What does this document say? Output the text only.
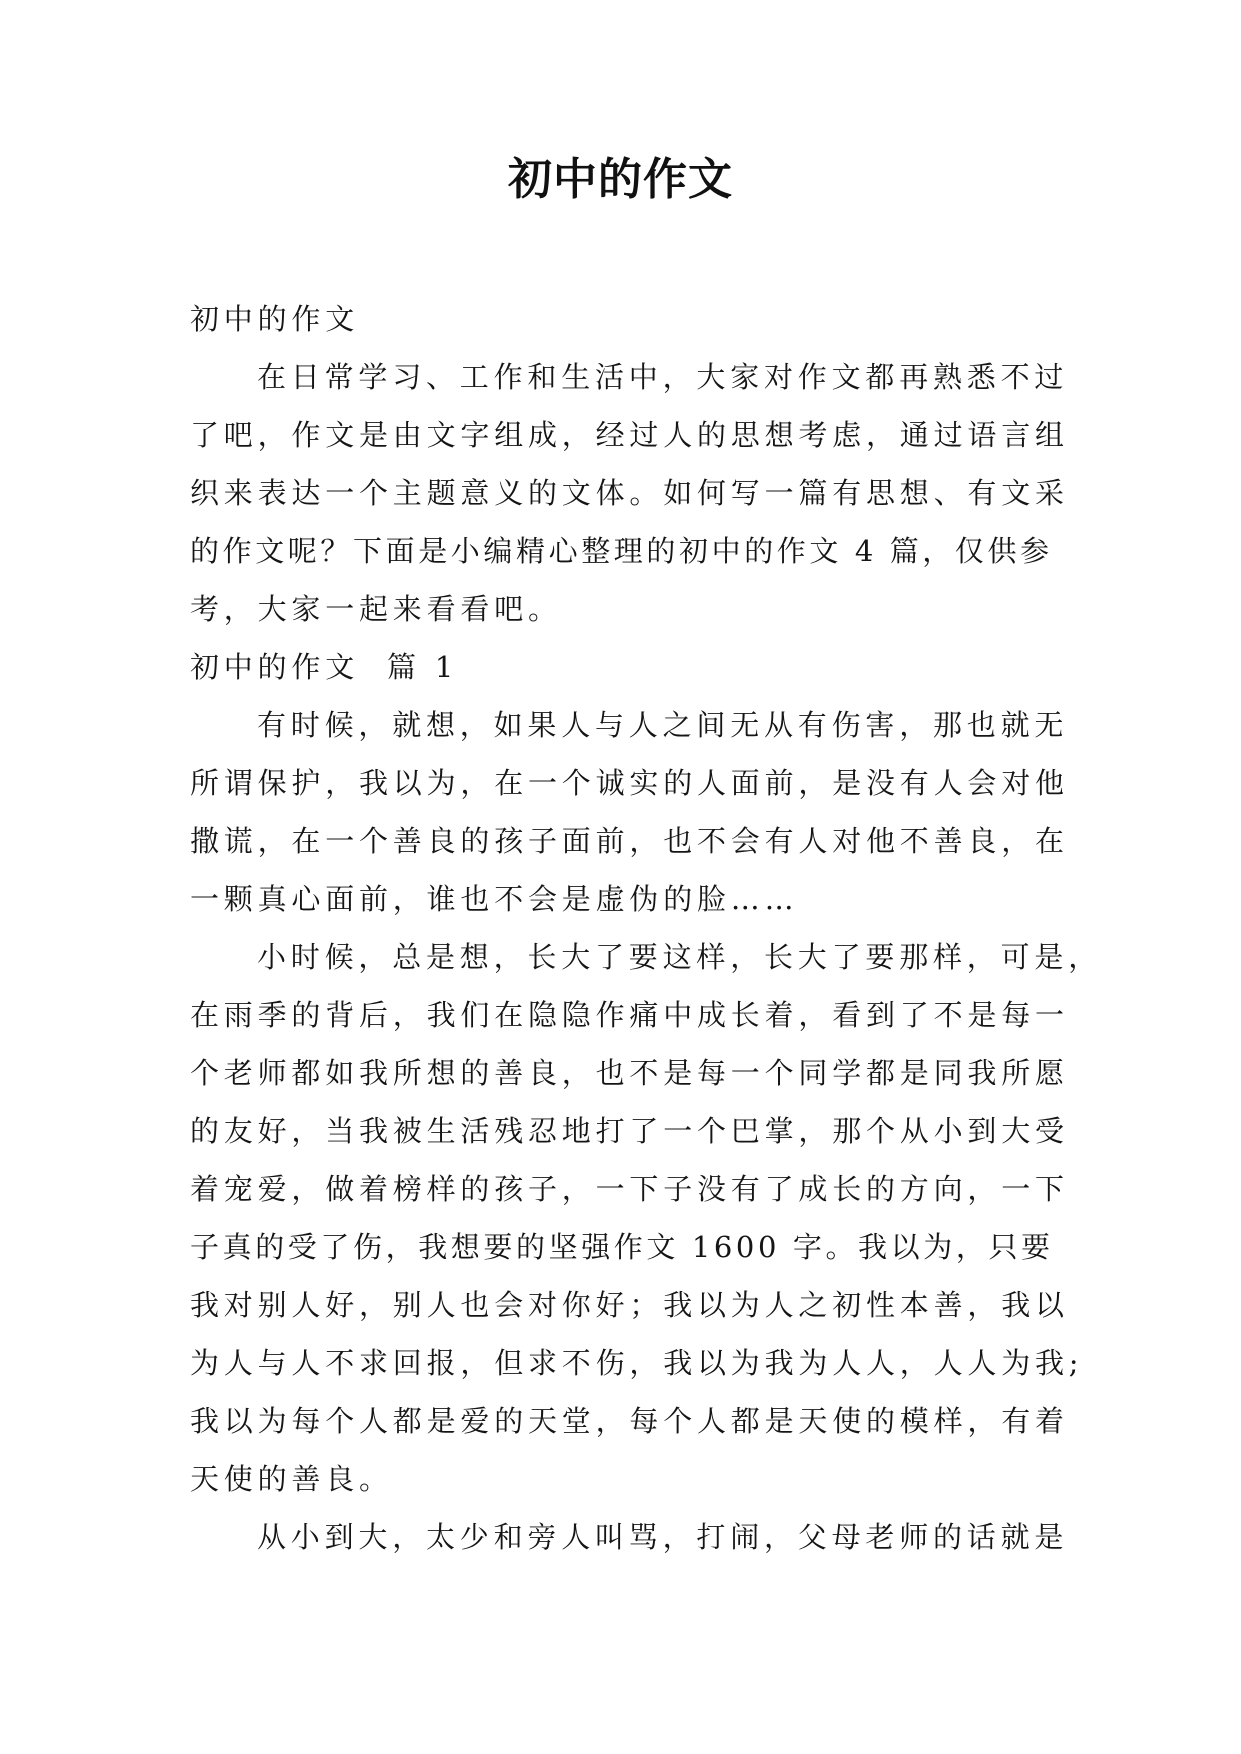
初中的作文
初中的作文
在日常学习、工作和生活中，大家对作文都再熟悉不过
了吧，作文是由文字组成，经过人的思想考虑，通过语言组
织来表达一个主题意义的文体。如何写一篇有思想、有文采
的作文呢？下面是小编精心整理的初中的作文 4 篇，仅供参
考，大家一起来看看吧。
初中的作文  篇 1
有时候，就想，如果人与人之间无从有伤害，那也就无
所谓保护，我以为，在一个诚实的人面前，是没有人会对他
撒谎，在一个善良的孩子面前，也不会有人对他不善良，在
一颗真心面前，谁也不会是虚伪的脸……
小时候，总是想，长大了要这样，长大了要那样，可是，
在雨季的背后，我们在隐隐作痛中成长着，看到了不是每一
个老师都如我所想的善良，也不是每一个同学都是同我所愿
的友好，当我被生活残忍地打了一个巴掌，那个从小到大受
着宠爱，做着榜样的孩子，一下子没有了成长的方向，一下
子真的受了伤，我想要的坚强作文 1600 字。我以为，只要
我对别人好，别人也会对你好；我以为人之初性本善，我以
为人与人不求回报，但求不伤，我以为我为人人，人人为我;
我以为每个人都是爱的天堂，每个人都是天使的模样，有着
天使的善良。
从小到大，太少和旁人叫骂，打闹，父母老师的话就是
